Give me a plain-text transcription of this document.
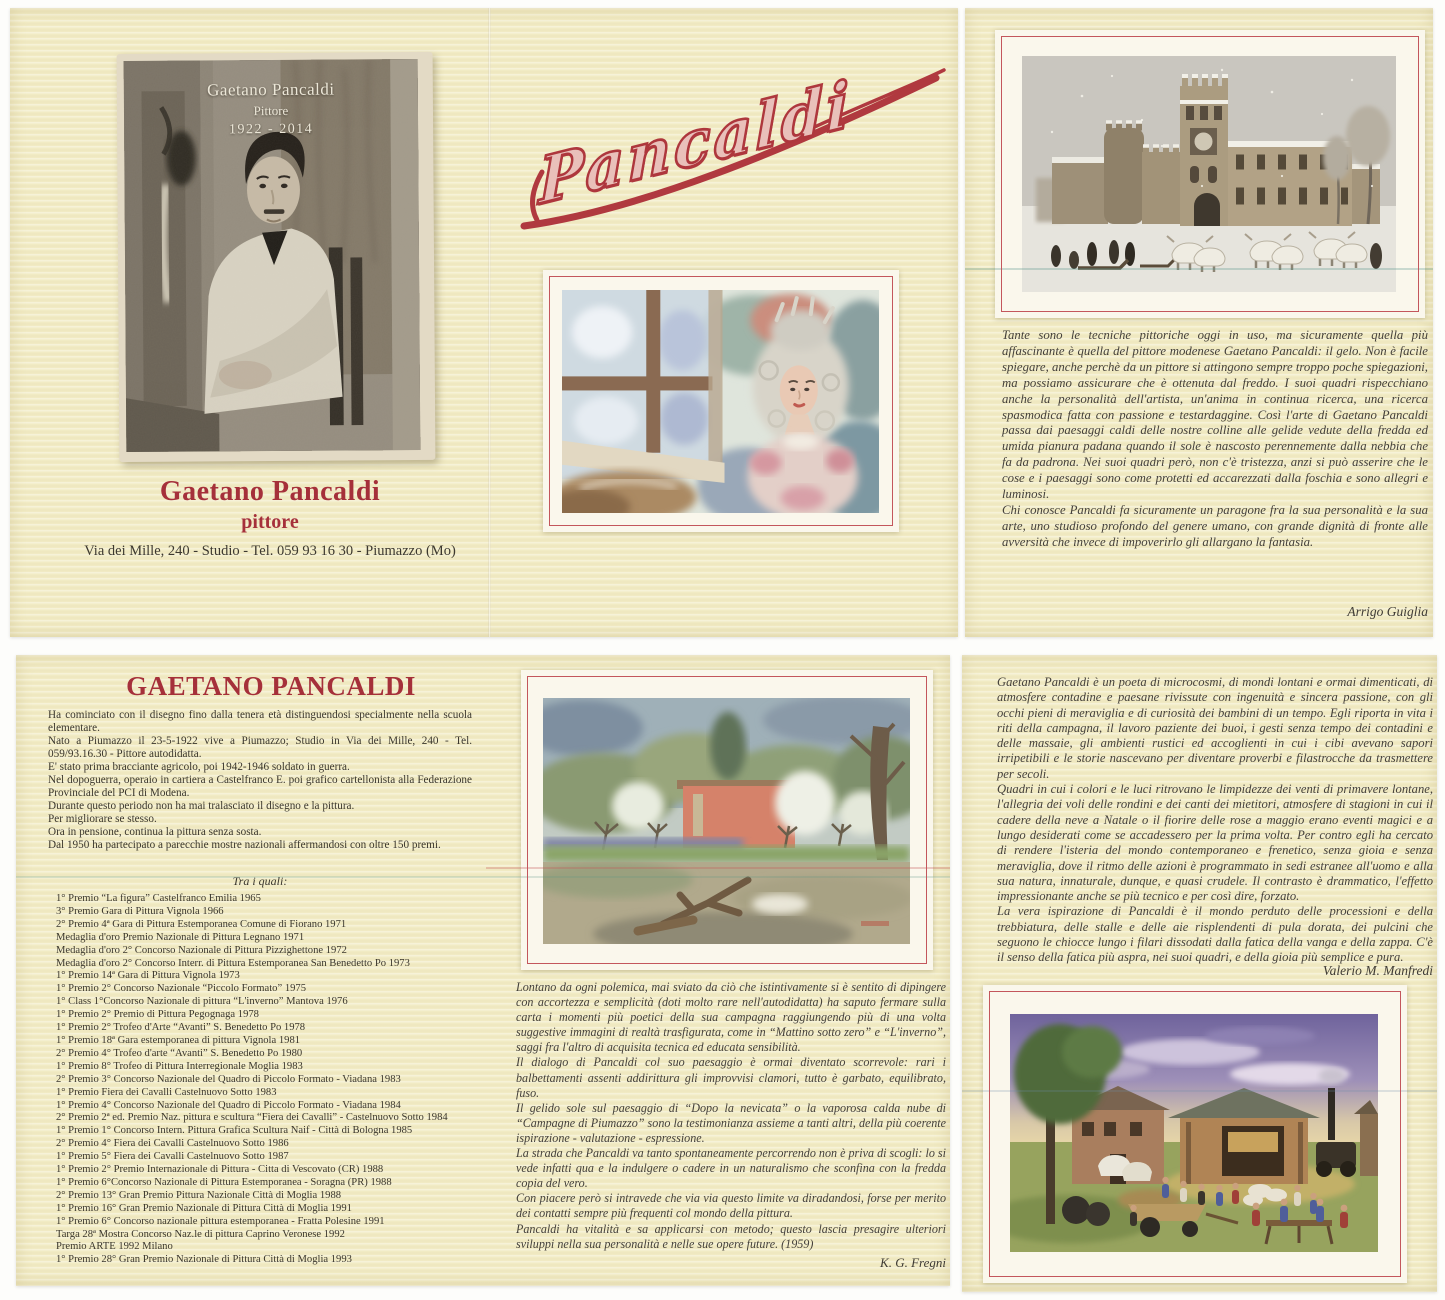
Gaetano Pancaldi
Pittore
1922 - 2014
Gaetano Pancaldi
pittore
Via dei Mille, 240 - Studio - Tel. 059 93 16 30 - Piumazzo (Mo)
Pancaldi

Tante sono le tecniche pittoriche oggi in uso, ma sicuramente quella più affascinante è quella del pittore modenese Gaetano Pancaldi: il gelo. Non è facile spiegare, anche perchè da un pittore si attingono sempre troppo poche spiegazioni, ma possiamo assicurare che è ottenuta dal freddo. I suoi quadri rispecchiano anche la personalità dell'artista, un'anima in continua ricerca, una ricerca spasmodica fatta con passione e testardaggine. Così l'arte di Gaetano Pancaldi passa dai paesaggi caldi delle nostre colline alle gelide vedute della fredda ed umida pianura padana quando il sole è nascosto perennemente dalla nebbia che fa da padrona. Nei suoi quadri però, non c'è tristezza, anzi si può asserire che le cose e i paesaggi sono come protetti ed accarezzati dalla foschia e sono allegri e luminosi.

Chi conosce Pancaldi fa sicuramente un paragone fra la sua personalità e la sua arte, uno studioso profondo del genere umano, con grande dignità di fronte alle avversità che invece di impoverirlo gli allargano la fantasia.

Arrigo Guiglia
GAETANO PANCALDI

Ha cominciato con il disegno fino dalla tenera età distinguendosi specialmente nella scuola elementare.

Nato a Piumazzo il 23-5-1922 vive a Piumazzo; Studio in Via dei Mille, 240 - Tel. 059/93.16.30 - Pittore autodidatta.

E' stato prima bracciante agricolo, poi 1942-1946 soldato in guerra.

Nel dopoguerra, operaio in cartiera a Castelfranco E. poi grafico cartellonista alla Federazione Provinciale del PCI di Modena.

Durante questo periodo non ha mai tralasciato il disegno e la pittura.

Per migliorare se stesso.

Ora in pensione, continua la pittura senza sosta.

Dal 1950 ha partecipato a parecchie mostre nazionali affermandosi con oltre 150 premi.

Tra i quali:
1° Premio “La figura” Castelfranco Emilia 1965
3° Premio Gara di Pittura Vignola 1966
2° Premio 4ª Gara di Pittura Estemporanea Comune di Fiorano 1971
Medaglia d'oro Premio Nazionale di Pittura Legnano 1971
Medaglia d'oro 2° Concorso Nazionale di Pittura Pizzighettone 1972
Medaglia d'oro 2° Concorso Interr. di Pittura Estemporanea San Benedetto Po 1973
1° Premio 14ª Gara di Pittura Vignola 1973
1° Premio 2° Concorso Nazionale “Piccolo Formato” 1975
1° Class 1°Concorso Nazionale di pittura “L'inverno” Mantova 1976
1° Premio 2° Premio di Pittura Pegognaga 1978
1° Premio 2° Trofeo d'Arte “Avanti” S. Benedetto Po 1978
1° Premio 18ª Gara estemporanea di pittura Vignola 1981
2° Premio 4° Trofeo d'arte “Avanti” S. Benedetto Po 1980
1° Premio 8° Trofeo di Pittura Interregionale Moglia 1983
2° Premio 3° Concorso Nazionale del Quadro di Piccolo Formato - Viadana 1983
1° Premio Fiera dei Cavalli Castelnuovo Sotto 1983
1° Premio 4° Concorso Nazionale del Quadro di Piccolo Formato - Viadana 1984
2° Premio 2ª ed. Premio Naz. pittura e scultura “Fiera dei Cavalli” - Castelnuovo Sotto 1984
1° Premio 1° Concorso Intern. Pittura Grafica Scultura Naif - Città di Bologna 1985
2° Premio 4° Fiera dei Cavalli Castelnuovo Sotto 1986
1° Premio 5° Fiera dei Cavalli Castelnuovo Sotto 1987
1° Premio 2° Premio Internazionale di Pittura - Citta di Vescovato (CR) 1988
1° Premio 6°Concorso Nazionale di Pittura Estemporanea - Soragna (PR) 1988
2° Premio 13° Gran Premio Pittura Nazionale Città di Moglia 1988
1° Premio 16° Gran Premio Nazionale di Pittura Città di Moglia 1991
1° Premio 6° Concorso nazionale pittura estemporanea - Fratta Polesine 1991
Targa 28ª Mostra Concorso Naz.le di pittura Caprino Veronese 1992
Premio ARTE 1992 Milano
1° Premio 28° Gran Premio Nazionale di Pittura Città di Moglia 1993

Lontano da ogni polemica, mai sviato da ciò che istintivamente si è sentito di dipingere con accortezza e semplicità (doti molto rare nell'autodidatta) ha saputo fermare sulla carta i momenti più poetici della sua campagna raggiungendo più di una volta suggestive immagini di realtà trasfigurata, come in “Mattino sotto zero” e “L'inverno”, saggi fra l'altro di acquisita tecnica ed educata sensibilità.

Il dialogo di Pancaldi col suo paesaggio è ormai diventato scorrevole: rari i balbettamenti assenti addirittura gli improvvisi clamori, tutto è garbato, equilibrato, fuso.

Il gelido sole sul paesaggio di “Dopo la nevicata” o la vaporosa calda nube di “Campagne di Piumazzo” sono la testimonianza assieme a tanti altri, della più coerente ispirazione - valutazione - espressione.

La strada che Pancaldi va tanto spontaneamente percorrendo non è priva di scogli: lo si vede infatti qua e la indulgere o cadere in un naturalismo che sconfina con la fredda copia del vero.

Con piacere però si intravede che via via questo limite va diradandosi, forse per merito dei contatti sempre più frequenti col mondo della pittura.

Pancaldi ha vitalità e sa applicarsi con metodo; questo lascia presagire ulteriori sviluppi nella sua personalità e nelle sue opere future. (1959)

K. G. Fregni

Gaetano Pancaldi è un poeta di microcosmi, di mondi lontani e ormai dimenticati, di atmosfere contadine e paesane rivissute con ingenuità e sincera passione, con gli occhi pieni di meraviglia e di curiosità dei bambini di un tempo. Egli riporta in vita i riti della campagna, il lavoro paziente dei buoi, i gesti senza tempo dei contadini e delle massaie, gli ambienti rustici ed accoglienti in cui i cibi avevano sapori irripetibili e le storie nascevano per diventare proverbi e filastrocche da trasmettere per secoli.

Quadri in cui i colori e le luci ritrovano le limpidezze dei venti di primavere lontane, l'allegria dei voli delle rondini e dei canti dei mietitori, atmosfere di stagioni in cui il cadere della neve a Natale o il fiorire delle rose a maggio erano eventi magici e a lungo desiderati come se accadessero per la prima volta. Per contro egli ha cercato di rendere l'isteria del mondo contemporaneo e frenetico, senza gioia e senza meraviglia, dove il ritmo delle azioni è programmato in sedi estranee all'uomo e alla sua natura, innaturale, dunque, e quasi crudele. Il contrasto è drammatico, l'effetto impressionante anche se più tecnico e per così dire, forzato.

La vera ispirazione di Pancaldi è il mondo perduto delle processioni e della trebbiatura, delle stalle e delle aie risplendenti di pula dorata, dei pulcini che seguono le chiocce lungo i filari dissodati dalla fatica della vanga e della zappa. C'è il senso della fatica più aspra, nei suoi quadri, e della gioia più semplice e pura.

Valerio M. Manfredi
